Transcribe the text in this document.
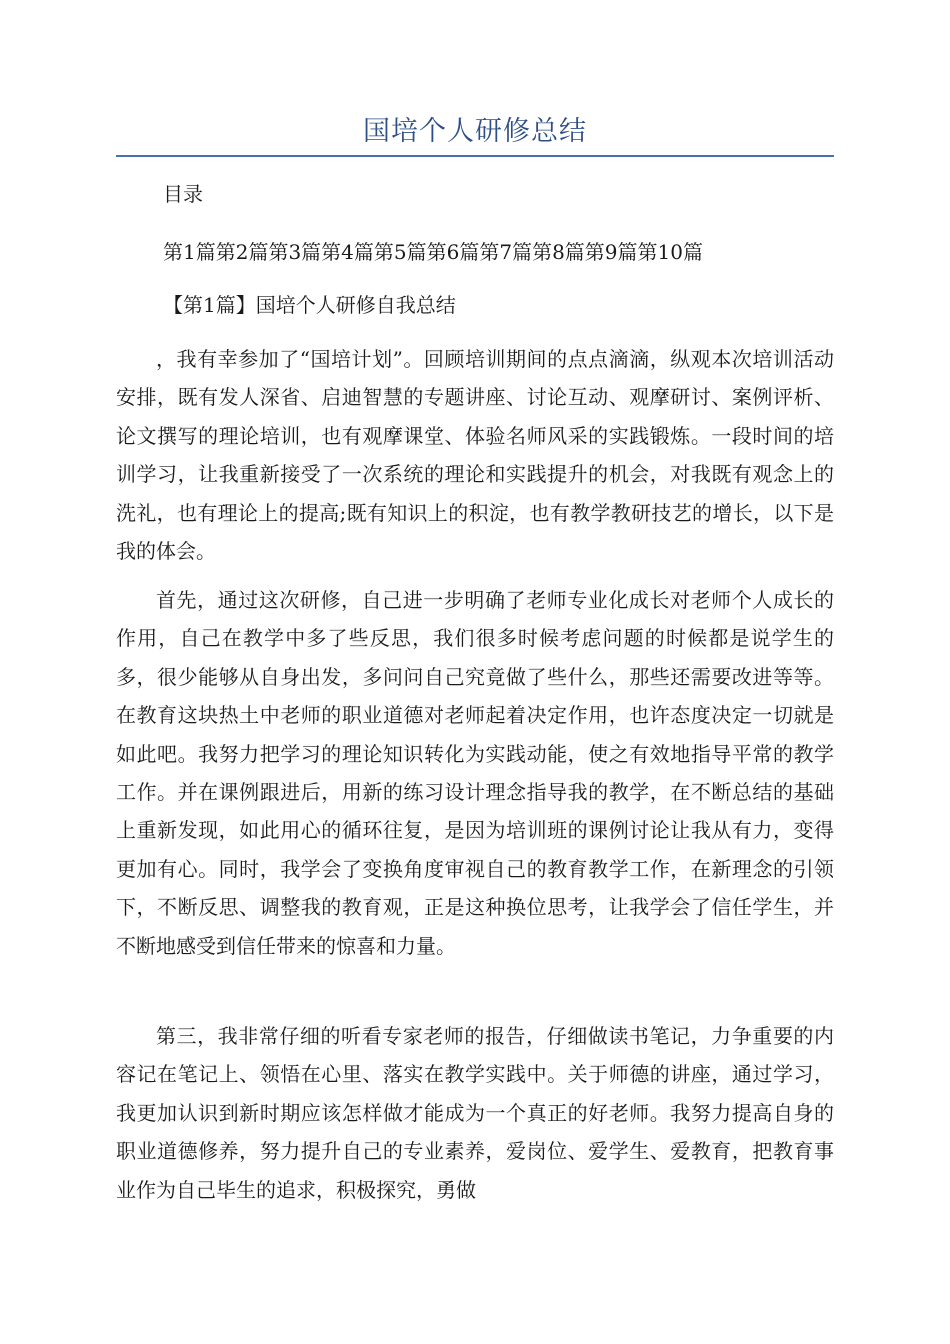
国培个人研修总结

目录

第1篇第2篇第3篇第4篇第5篇第6篇第7篇第8篇第9篇第10篇

【第1篇】国培个人研修自我总结

，我有幸参加了“国培计划”。回顾培训期间的点点滴滴，纵观本次培训活动安排，既有发人深省、启迪智慧的专题讲座、讨论互动、观摩研讨、案例评析、论文撰写的理论培训，也有观摩课堂、体验名师风采的实践锻炼。一段时间的培训学习，让我重新接受了一次系统的理论和实践提升的机会，对我既有观念上的洗礼，也有理论上的提高;既有知识上的积淀，也有教学教研技艺的增长，以下是我的体会。

首先，通过这次研修，自己进一步明确了老师专业化成长对老师个人成长的作用，自己在教学中多了些反思，我们很多时候考虑问题的时候都是说学生的多，很少能够从自身出发，多问问自己究竟做了些什么，那些还需要改进等等。在教育这块热土中老师的职业道德对老师起着决定作用，也许态度决定一切就是如此吧。我努力把学习的理论知识转化为实践动能，使之有效地指导平常的教学工作。并在课例跟进后，用新的练习设计理念指导我的教学，在不断总结的基础上重新发现，如此用心的循环往复，是因为培训班的课例讨论让我从有力，变得更加有心。同时，我学会了变换角度审视自己的教育教学工作，在新理念的引领下，不断反思、调整我的教育观，正是这种换位思考，让我学会了信任学生，并不断地感受到信任带来的惊喜和力量。

第三，我非常仔细的听看专家老师的报告，仔细做读书笔记，力争重要的内容记在笔记上、领悟在心里、落实在教学实践中。关于师德的讲座，通过学习，我更加认识到新时期应该怎样做才能成为一个真正的好老师。我努力提高自身的职业道德修养，努力提升自己的专业素养，爱岗位、爱学生、爱教育，把教育事业作为自己毕生的追求，积极探究，勇做
